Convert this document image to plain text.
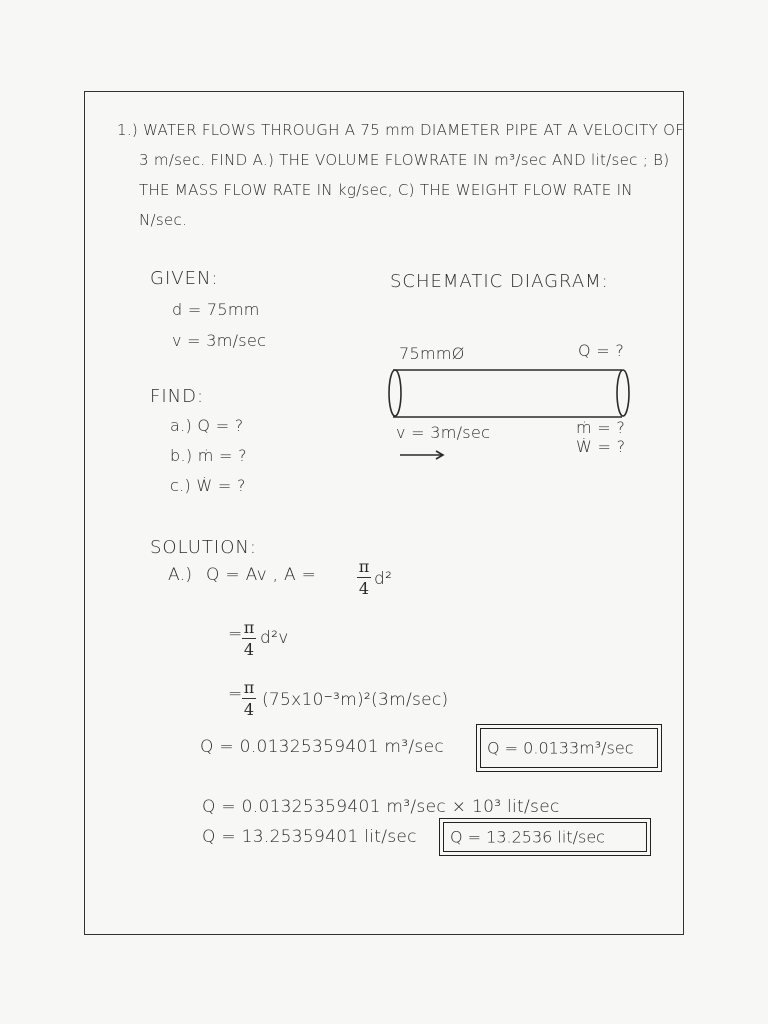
1.) WATER FLOWS THROUGH A 75 mm DIAMETER PIPE AT A VELOCITY OF
3 m/sec. FIND A.) THE VOLUME FLOWRATE IN m³/sec AND lit/sec ; B)
THE MASS FLOW RATE IN kg/sec, C) THE WEIGHT FLOW RATE IN
N/sec.
GIVEN:
d = 75mm
v = 3m/sec
SCHEMATIC DIAGRAM:
75mmØ	Q = ?
v = 3m/sec	ṁ = ?
Ẇ = ?
FIND:
a.) Q = ?
b.) ṁ = ?
c.) Ẇ = ?
SOLUTION:
A.) Q = Av , A =	π
4 d²
= π
4
d²v
= π
4 (75x10⁻³m)²(3m/sec)
Q = 0.01325359401 m³/sec	Q = 0.0133m³/sec
Q = 0.01325359401 m³/sec × 10³ lit/sec
Q = 13.25359401 lit/sec Q = 13.2536 lit/sec
